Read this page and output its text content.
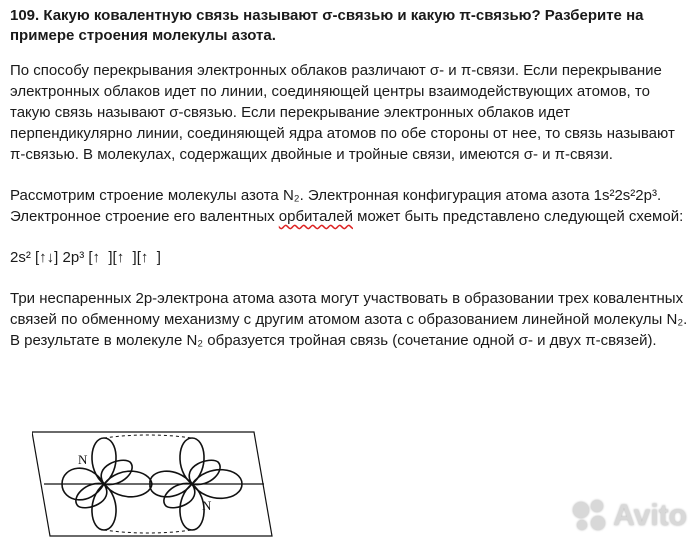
109. Какую ковалентную связь называют σ-связью и какую π-связью? Разберите на примере строения молекулы азота.
По способу перекрывания электронных облаков различают σ- и π-связи. Если перекрывание электронных облаков идет по линии, соединяющей центры взаимодействующих атомов, то такую связь называют σ-связью. Если перекрывание электронных облаков идет перпендикулярно линии, соединяющей ядра атомов по обе стороны от нее, то связь называют π-связью. В молекулах, содержащих двойные и тройные связи, имеются σ- и π-связи.
Рассмотрим строение молекулы азота N₂. Электронная конфигурация атома азота 1s²2s²2p³. Электронное строение его валентных орбиталей может быть представлено следующей схемой:
2s² [↑↓] 2p³ [↑  ][↑  ][↑  ]
Три неспаренных 2р-электрона атома азота могут участвовать в образовании трех ковалентных связей по обменному механизму с другим атомом азота с образованием линейной молекулы N₂. В результате в молекуле N₂ образуется тройная связь (сочетание одной σ- и двух π-связей).
N
N	Avito
